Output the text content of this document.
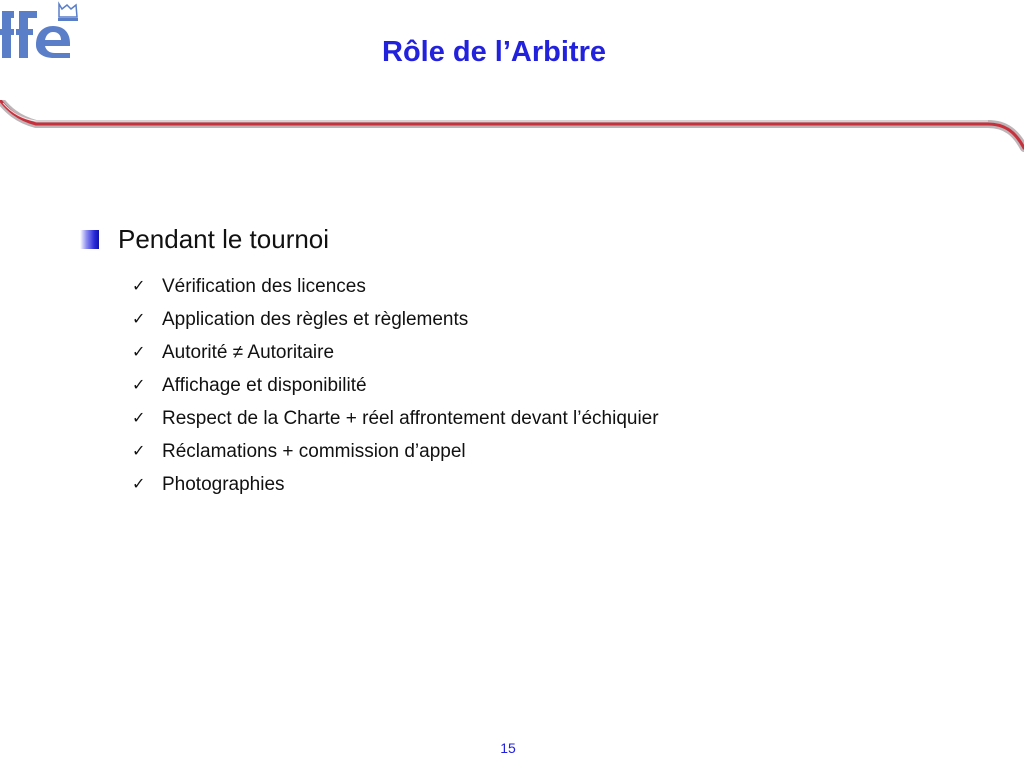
Rôle de l’Arbitre
Pendant le tournoi
✓ Vérification des licences
✓ Application des règles et règlements
✓ Autorité ≠ Autoritaire
✓ Affichage et disponibilité
✓ Respect de la Charte + réel affrontement devant l’échiquier
✓ Réclamations + commission d’appel
✓ Photographies
15
